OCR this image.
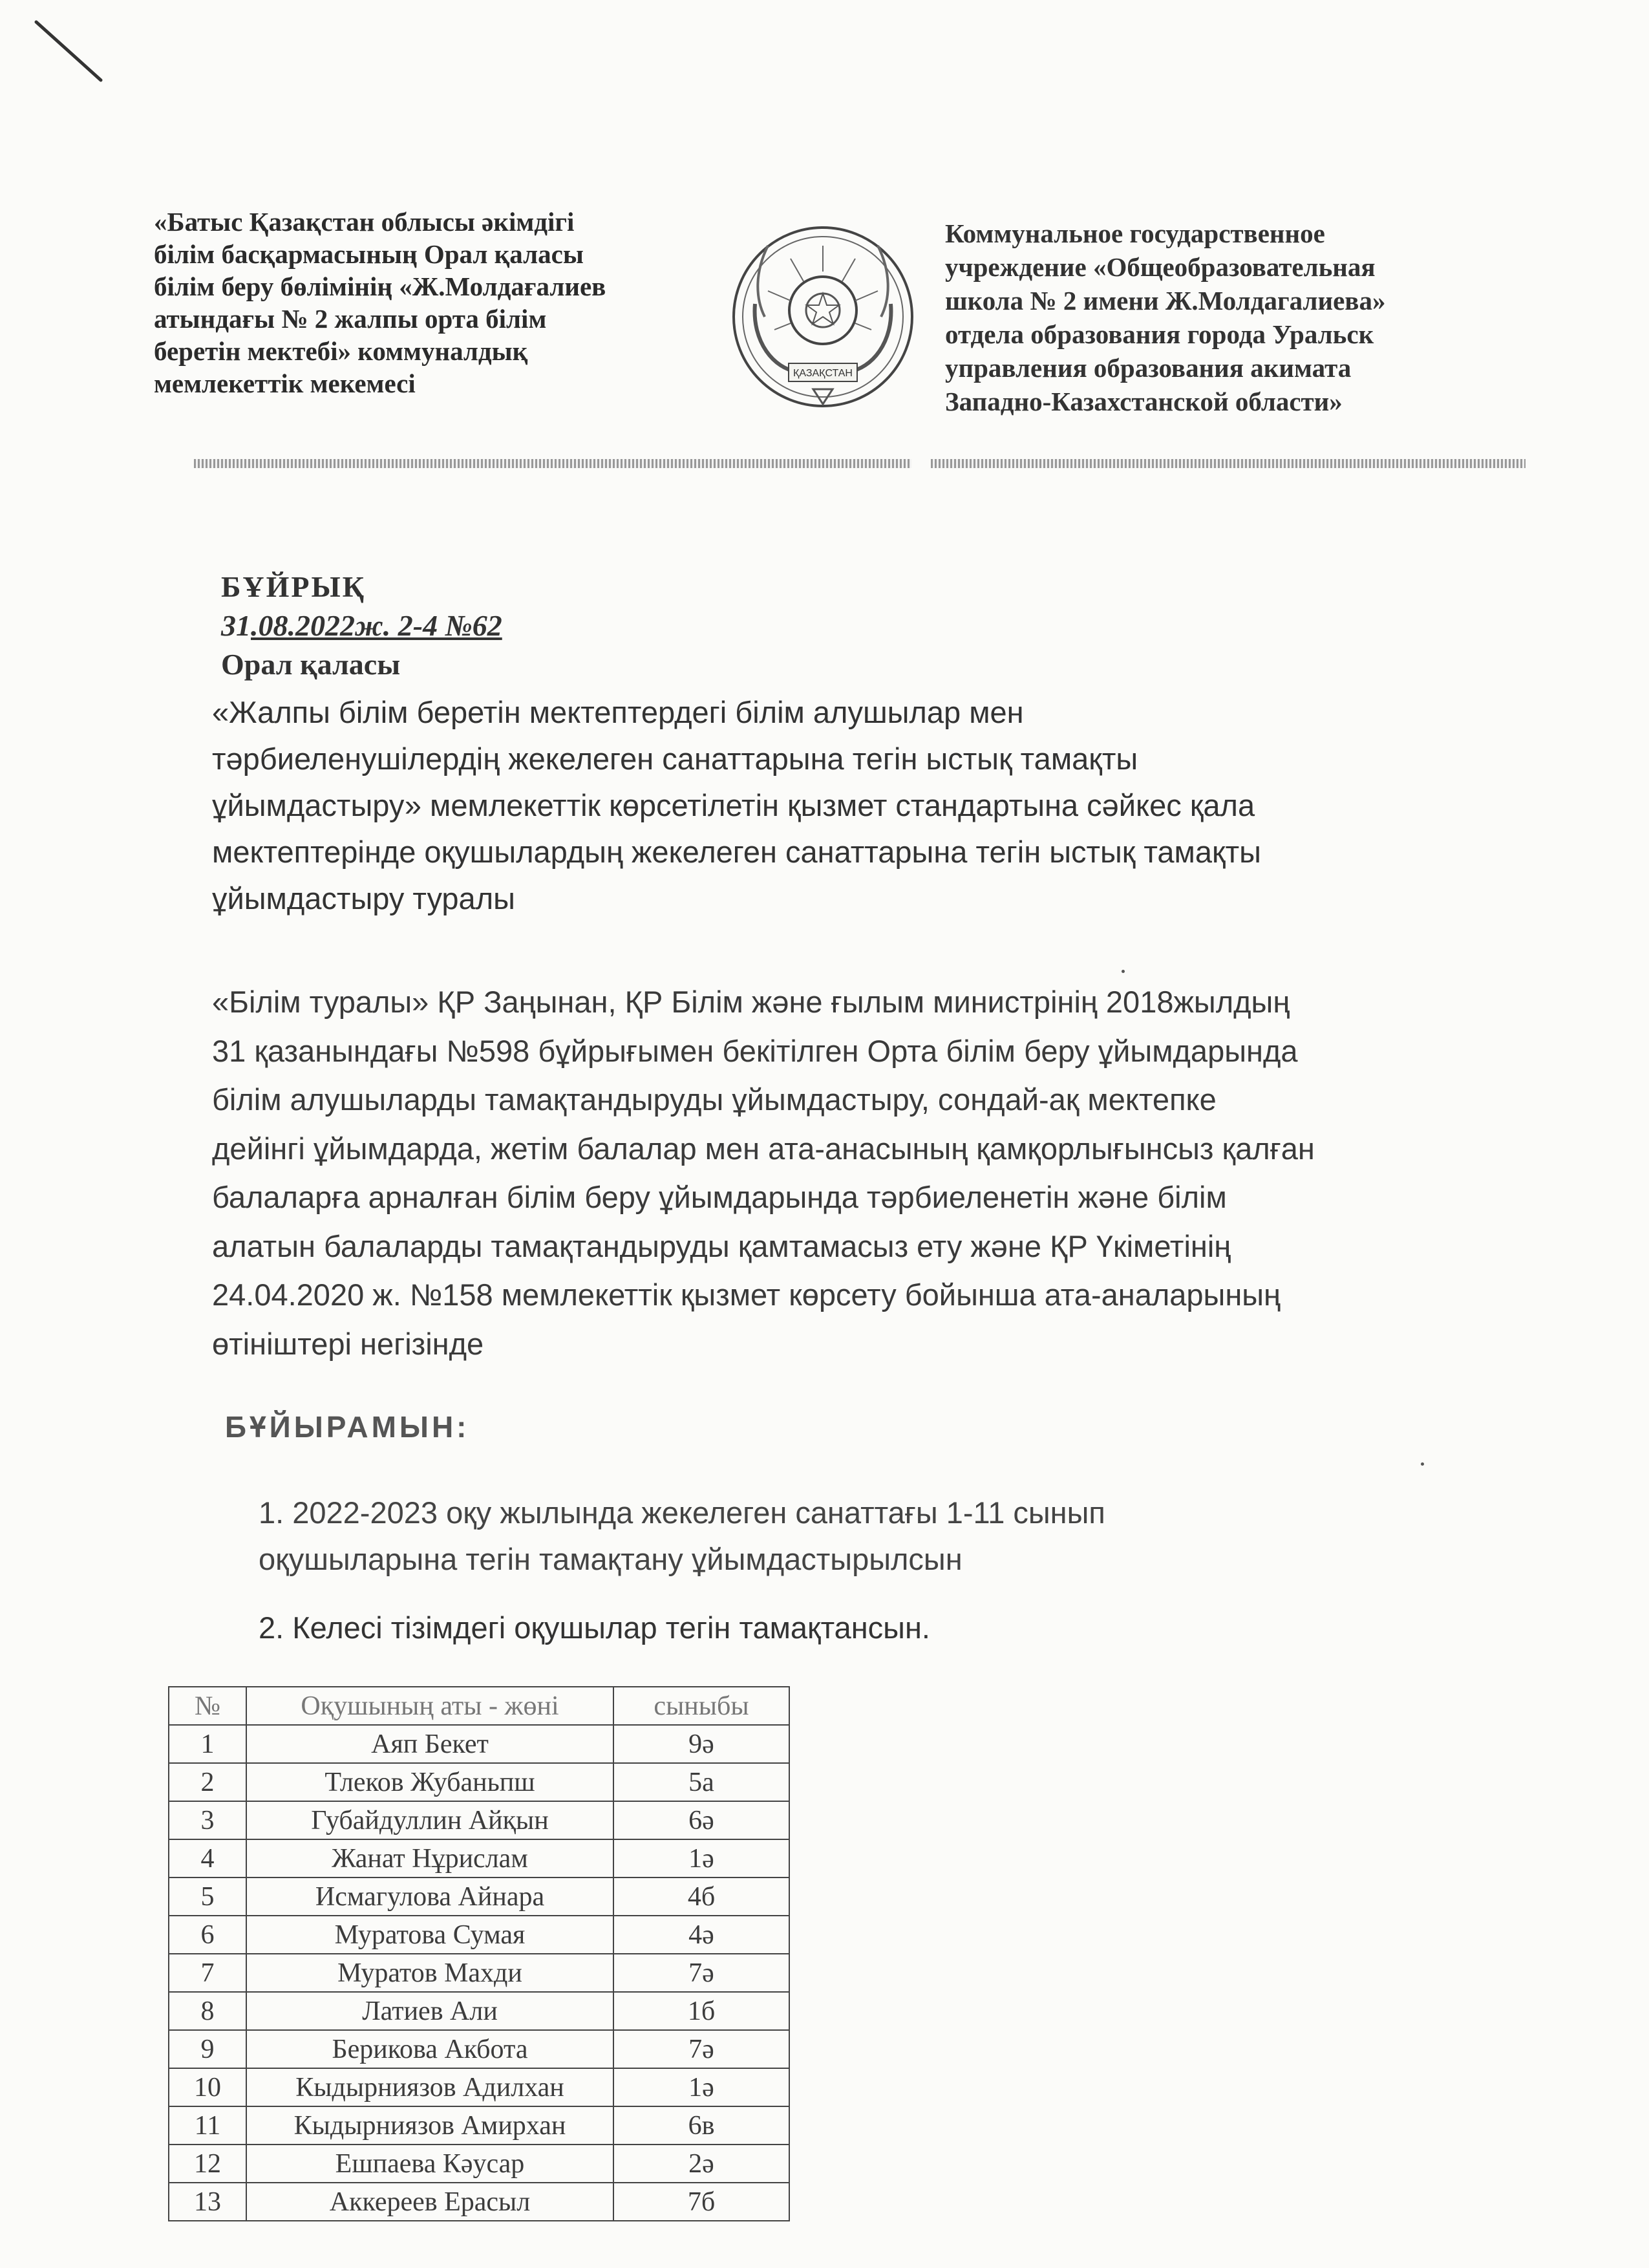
«Батыс Қазақстан облысы әкімдігі
білім басқармасының Орал қаласы
білім беру бөлімінің «Ж.Молдағалиев
атындағы № 2 жалпы орта білім
беретін мектебі» коммуналдық
мемлекеттік мекемесі	ҚАЗАҚСТАН
Коммунальное государственное
учреждение «Общеобразовательная
школа № 2 имени Ж.Молдагалиева»
отдела образования города Уральск
управления образования акимата
Западно-Казахстанской области»
БҰЙРЫҚ
31.08.2022ж. 2-4 №62
Орал қаласы
«Жалпы білім беретін мектептердегі білім алушылар мен
тәрбиеленушілердің жекелеген санаттарына тегін ыстық тамақты
ұйымдастыру» мемлекеттік көрсетілетін қызмет стандартына сәйкес қала
мектептерінде оқушылардың жекелеген санаттарына тегін ыстық тамақты
ұйымдастыру туралы
«Білім туралы» ҚР Заңынан, ҚР Білім және ғылым министрінің 2018жылдың
31 қазанындағы №598 бұйрығымен бекітілген Орта білім беру ұйымдарында
білім алушыларды тамақтандыруды ұйымдастыру, сондай-ақ мектепке
дейінгі ұйымдарда, жетім балалар мен ата-анасының қамқорлығынсыз қалған
балаларға арналған білім беру ұйымдарында тәрбиеленетін және білім
алатын балаларды тамақтандыруды қамтамасыз ету және ҚР Үкіметінің
24.04.2020 ж. №158 мемлекеттік қызмет көрсету бойынша ата-аналарының
өтініштері негізінде
БҰЙЫРАМЫН:
1. 2022-2023 оқу жылында жекелеген санаттағы 1-11 сынып
оқушыларына тегін тамақтану ұйымдастырылсын
2. Келесі тізімдегі оқушылар тегін тамақтансын.
№	Оқушының аты - жөні	сыныбы
1	Аяп Бекет	9ә
2	Тлеков Жубаньпш	5а
3	Губайдуллин Айқын	6ә
4	Жанат Нұрислам	1ә
5	Исмагулова Айнара	4б
6	Муратова Сумая	4ә
7	Муратов Махди	7ә
8	Латиев Али	1б
9	Берикова Акбота	7ә
10	Кыдырниязов Адилхан	1ә
11	Кыдырниязов Амирхан	6в
12	Ешпаева Кәусар	2ә
13	Аккереев Ерасыл	7б
